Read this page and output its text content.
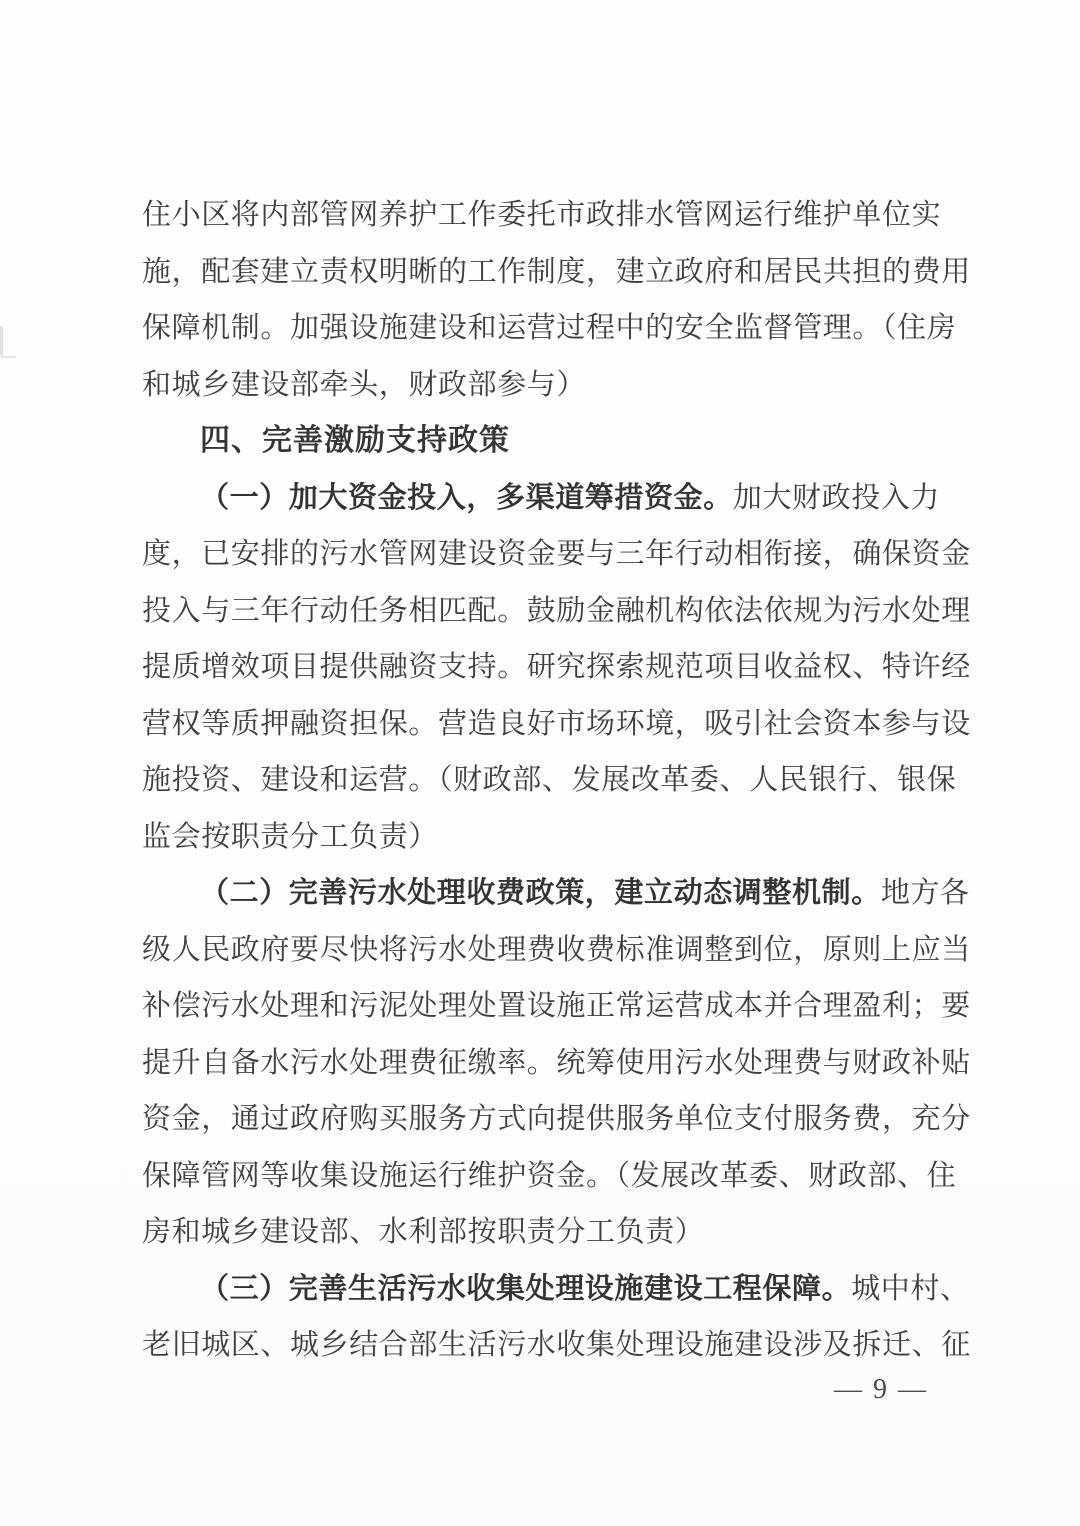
住小区将内部管网养护工作委托市政排水管网运行维护单位实
施，配套建立责权明晰的工作制度，建立政府和居民共担的费用
保障机制。加强设施建设和运营过程中的安全监督管理。（住房
和城乡建设部牵头，财政部参与）
四、完善激励支持政策
（一）加大资金投入，多渠道筹措资金。加大财政投入力
度，已安排的污水管网建设资金要与三年行动相衔接，确保资金
投入与三年行动任务相匹配。鼓励金融机构依法依规为污水处理
提质增效项目提供融资支持。研究探索规范项目收益权、特许经
营权等质押融资担保。营造良好市场环境，吸引社会资本参与设
施投资、建设和运营。（财政部、发展改革委、人民银行、银保
监会按职责分工负责）
（二）完善污水处理收费政策，建立动态调整机制。地方各
级人民政府要尽快将污水处理费收费标准调整到位，原则上应当
补偿污水处理和污泥处理处置设施正常运营成本并合理盈利；要
提升自备水污水处理费征缴率。统筹使用污水处理费与财政补贴
资金，通过政府购买服务方式向提供服务单位支付服务费，充分
保障管网等收集设施运行维护资金。（发展改革委、财政部、住
房和城乡建设部、水利部按职责分工负责）
（三）完善生活污水收集处理设施建设工程保障。城中村、
老旧城区、城乡结合部生活污水收集处理设施建设涉及拆迁、征
— 9 —
